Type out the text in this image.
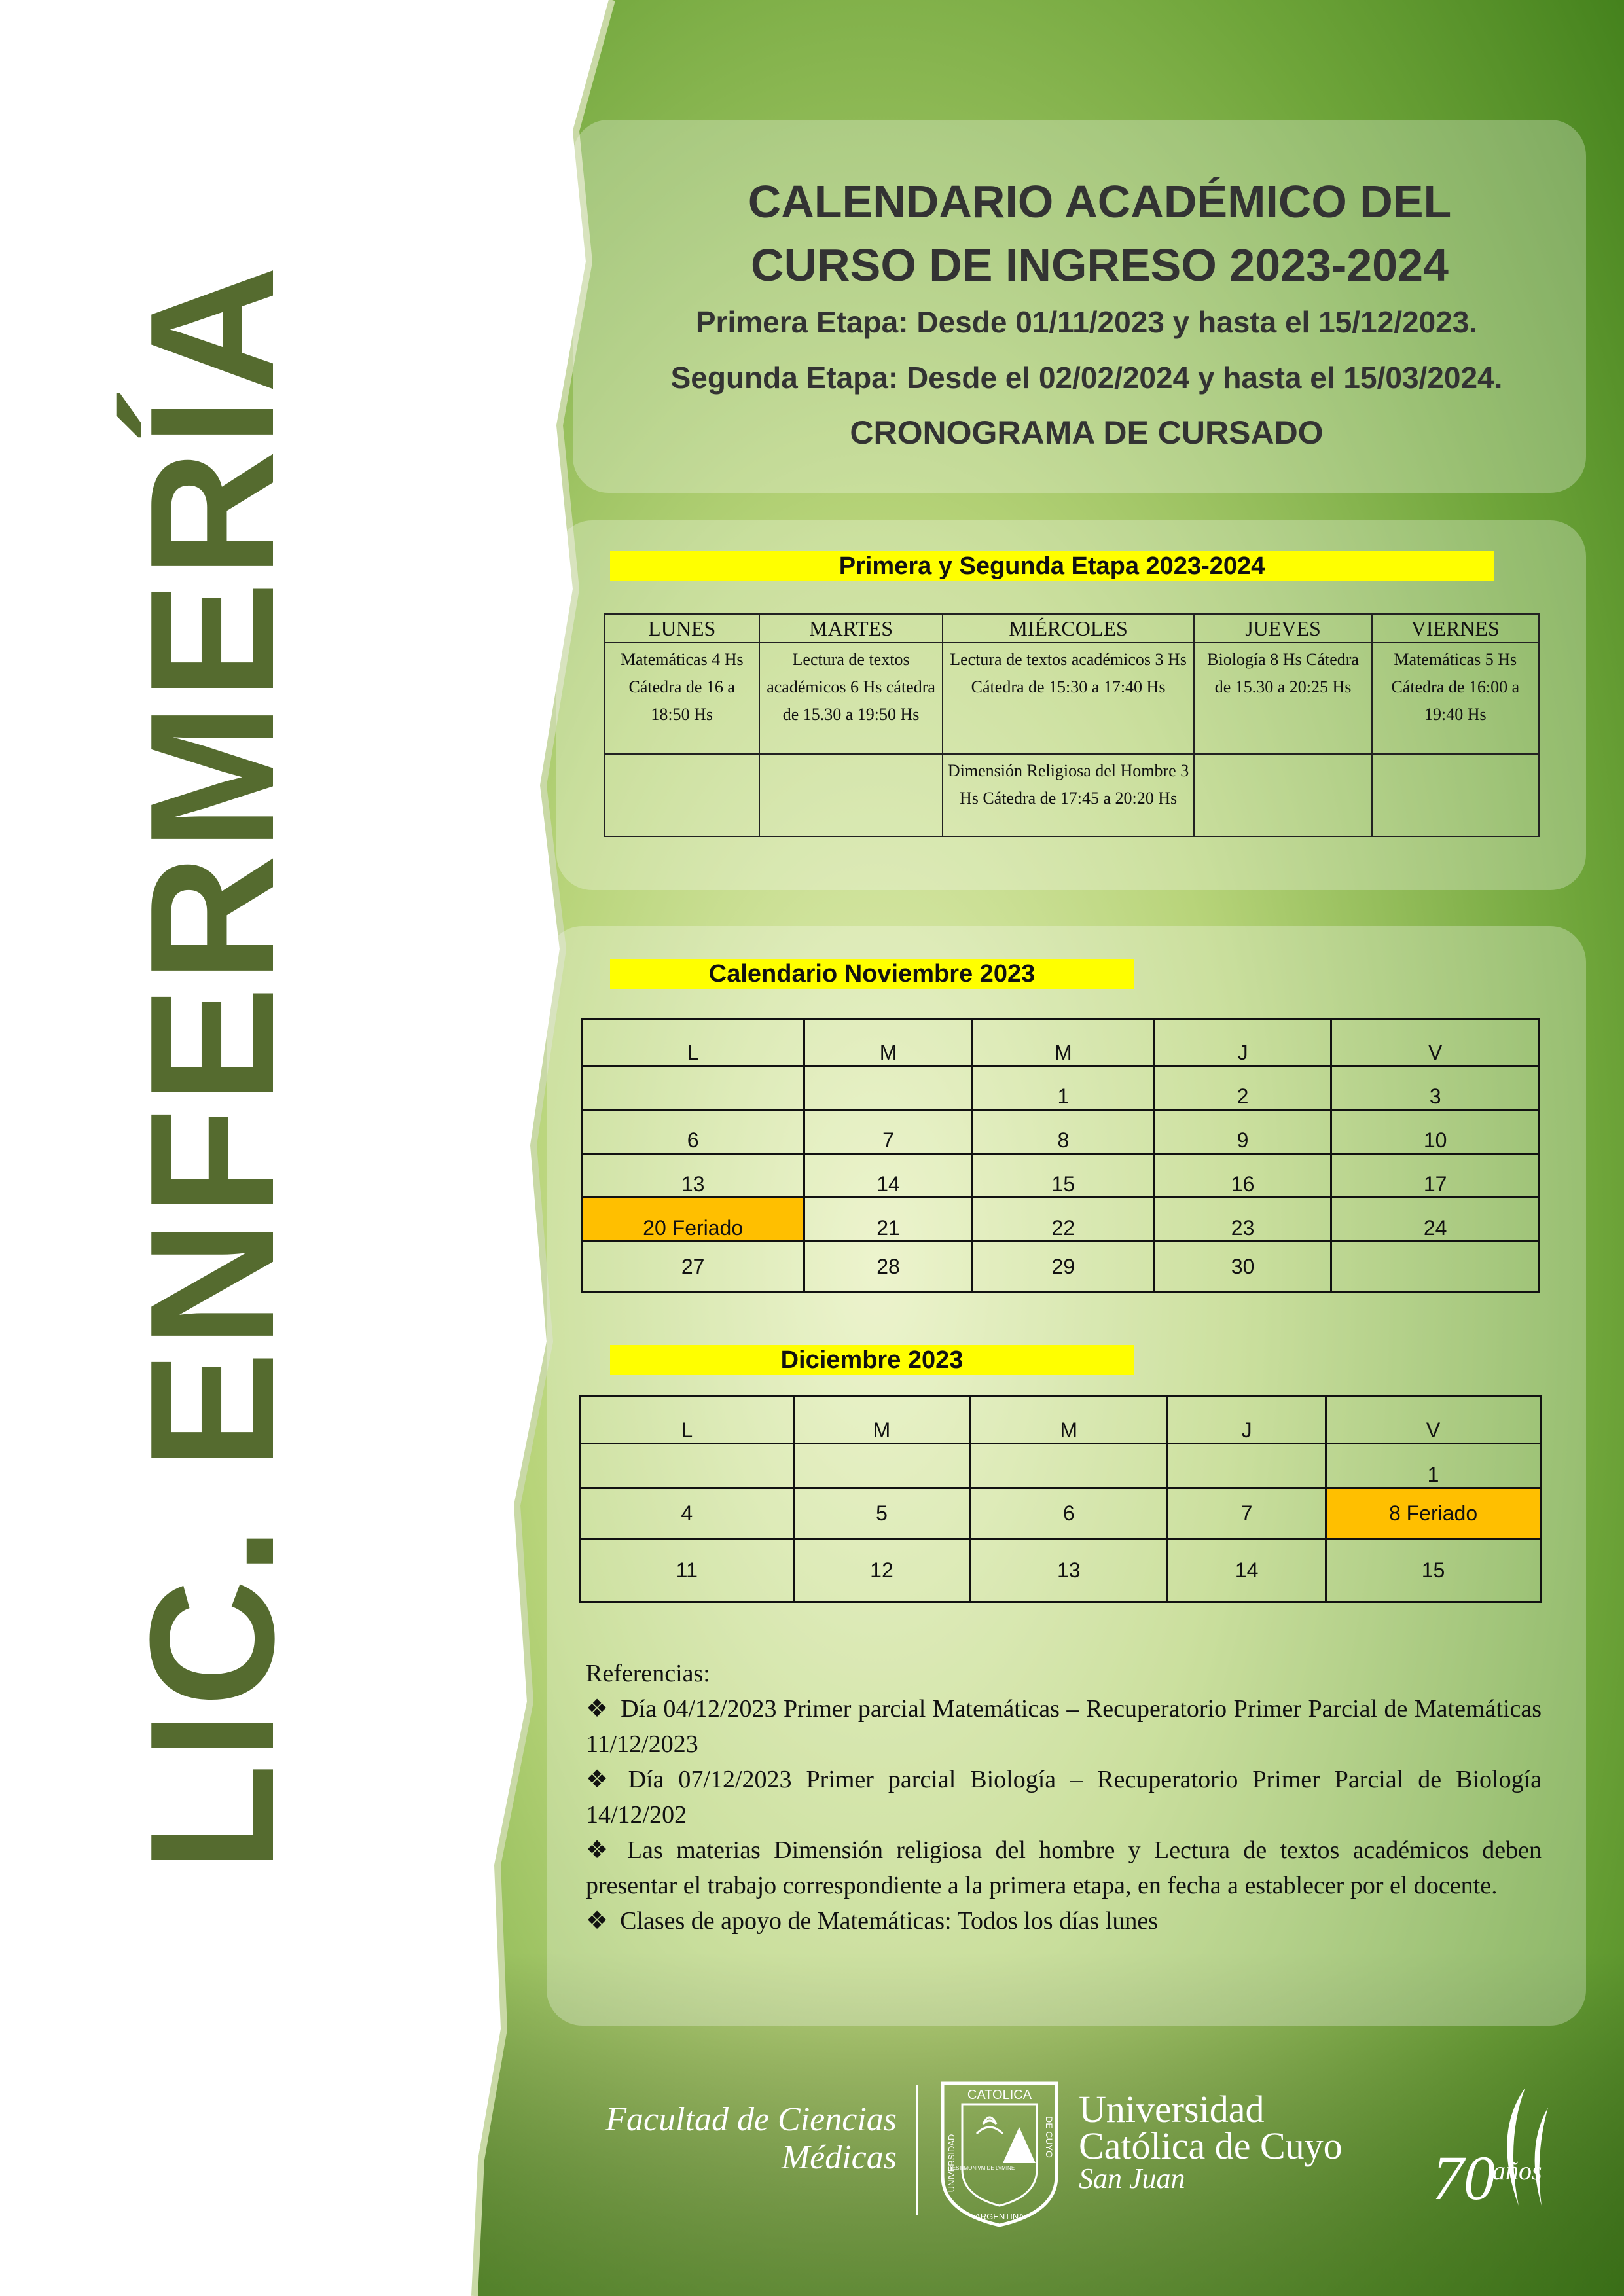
LIC. ENFERMERÍA
CALENDARIO ACADÉMICO DEL
CURSO DE INGRESO 2023-2024
Primera Etapa: Desde 01/11/2023 y hasta el 15/12/2023.
Segunda Etapa: Desde el 02/02/2024 y hasta el 15/03/2024.
CRONOGRAMA DE CURSADO
Primera y Segunda Etapa 2023-2024
LUNES	MARTES	MIÉRCOLES	JUEVES	VIERNES
Matemáticas 4 Hs Cátedra de 16 a 18:50 Hs	Lectura de textos académicos 6 Hs cátedra de 15.30 a 19:50 Hs	Lectura de textos académicos 3 Hs Cátedra de 15:30 a 17:40 Hs	Biología 8 Hs Cátedra de 15.30 a 20:25 Hs	Matemáticas 5 Hs Cátedra de 16:00 a 19:40 Hs
		Dimensión Religiosa del Hombre 3 Hs Cátedra de 17:45 a 20:20 Hs		
Calendario Noviembre 2023
L	M	M	J	V
		1	2	3
6	7	8	9	10
13	14	15	16	17
20 Feriado	21	22	23	24
27	28	29	30	
Diciembre 2023
L	M	M	J	V
				1
4	5	6	7	8 Feriado
11	12	13	14	15

Referencias:

❖ Día 04/12/2023 Primer parcial Matemáticas – Recuperatorio Primer Parcial de Matemáticas 11/12/2023

❖ Día 07/12/2023 Primer parcial Biología – Recuperatorio Primer Parcial de Biología 14/12/202

❖ Las materias Dimensión religiosa del hombre y Lectura de textos académicos deben presentar el trabajo correspondiente a la primera etapa, en fecha a establecer por el docente.

❖ Clases de apoyo de Matemáticas: Todos los días lunes

Facultad de Ciencias
Médicas
CATOLICA
ARGENTINA
UNIVERSIDAD	DE CUYO
TESTIMONIVM DE LVMINE
Universidad
Católica de Cuyo
San Juan	70
años
